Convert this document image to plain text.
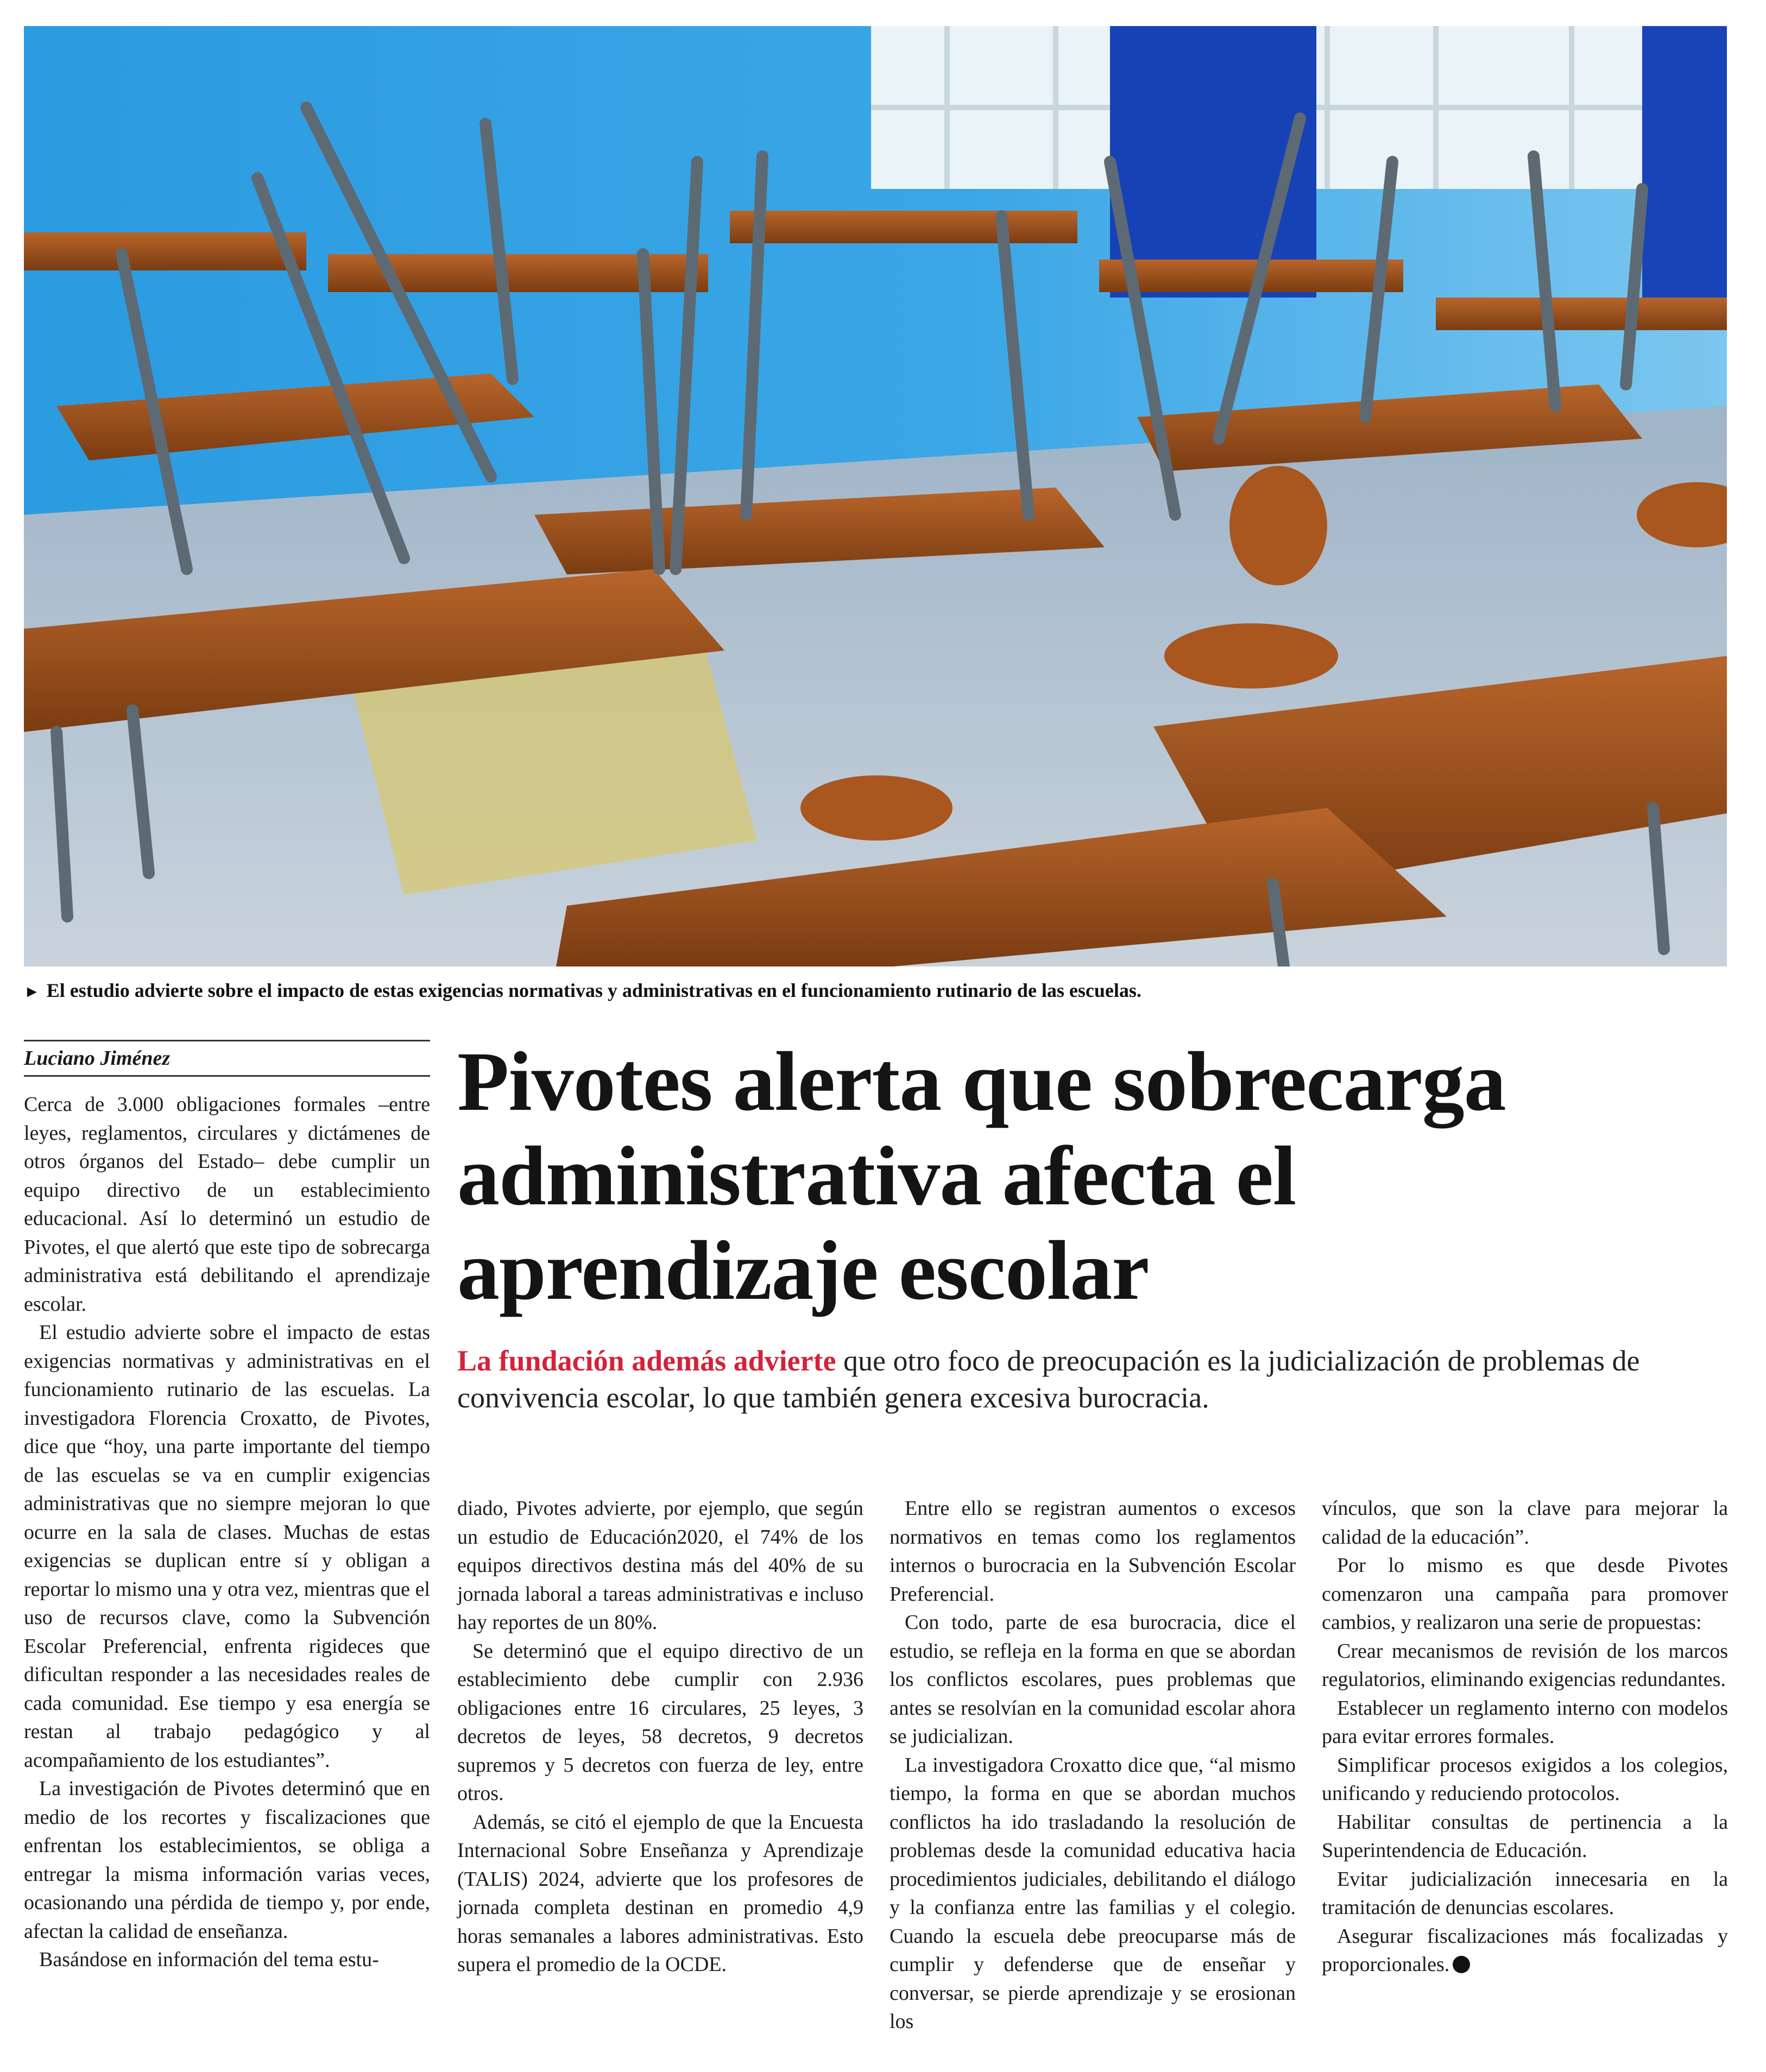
► El estudio advierte sobre el impacto de estas exigencias normativas y administrativas en el funcionamiento rutinario de las escuelas.
Luciano Jiménez	Pivotes alerta que sobrecarga administrativa afecta el aprendizaje escolar
La fundación además advierte que otro foco de preocupación es la judicialización de problemas de convivencia escolar, lo que también genera excesiva burocracia.

Cerca de 3.000 obligaciones formales –entre leyes, reglamentos, circulares y dictámenes de otros órganos del Estado– debe cumplir un equipo directivo de un establecimiento educacional. Así lo determinó un estudio de Pivotes, el que alertó que este tipo de sobrecarga administrativa está debilitando el aprendizaje escolar.

El estudio advierte sobre el impacto de estas exigencias normativas y administrativas en el funcionamiento rutinario de las escuelas. La investigadora Florencia Croxatto, de Pivotes, dice que “hoy, una parte importante del tiempo de las escuelas se va en cumplir exigencias administrativas que no siempre mejoran lo que ocurre en la sala de clases. Muchas de estas exigencias se duplican entre sí y obligan a reportar lo mismo una y otra vez, mientras que el uso de recursos clave, como la Subvención Escolar Preferencial, enfrenta rigideces que dificultan responder a las necesidades reales de cada comunidad. Ese tiempo y esa energía se restan al trabajo pedagógico y al acompañamiento de los estudiantes”.

La investigación de Pivotes determinó que en medio de los recortes y fiscalizaciones que enfrentan los establecimientos, se obliga a entregar la misma información varias veces, ocasionando una pérdida de tiempo y, por ende, afectan la calidad de enseñanza.

Basándose en información del tema estu-

diado, Pivotes advierte, por ejemplo, que según un estudio de Educación2020, el 74% de los equipos directivos destina más del 40% de su jornada laboral a tareas administrativas e incluso hay reportes de un 80%.

Se determinó que el equipo directivo de un establecimiento debe cumplir con 2.936 obligaciones entre 16 circulares, 25 leyes, 3 decretos de leyes, 58 decretos, 9 decretos supremos y 5 decretos con fuerza de ley, entre otros.

Además, se citó el ejemplo de que la Encuesta Internacional Sobre Enseñanza y Aprendizaje (TALIS) 2024, advierte que los profesores de jornada completa destinan en promedio 4,9 horas semanales a labores administrativas. Esto supera el promedio de la OCDE.

Entre ello se registran aumentos o excesos normativos en temas como los reglamentos internos o burocracia en la Subvención Escolar Preferencial.

Con todo, parte de esa burocracia, dice el estudio, se refleja en la forma en que se abordan los conflictos escolares, pues problemas que antes se resolvían en la comunidad escolar ahora se judicializan.

La investigadora Croxatto dice que, “al mismo tiempo, la forma en que se abordan muchos conflictos ha ido trasladando la resolución de problemas desde la comunidad educativa hacia procedimientos judiciales, debilitando el diálogo y la confianza entre las familias y el colegio. Cuando la escuela debe preocuparse más de cumplir y defenderse que de enseñar y conversar, se pierde aprendizaje y se erosionan los

vínculos, que son la clave para mejorar la calidad de la educación”.

Por lo mismo es que desde Pivotes comenzaron una campaña para promover cambios, y realizaron una serie de propuestas:

Crear mecanismos de revisión de los marcos regulatorios, eliminando exigencias redundantes.

Establecer un reglamento interno con modelos para evitar errores formales.

Simplificar procesos exigidos a los colegios, unificando y reduciendo protocolos.

Habilitar consultas de pertinencia a la Superintendencia de Educación.

Evitar judicialización innecesaria en la tramitación de denuncias escolares.

Asegurar fiscalizaciones más focalizadas y proporcionales.
